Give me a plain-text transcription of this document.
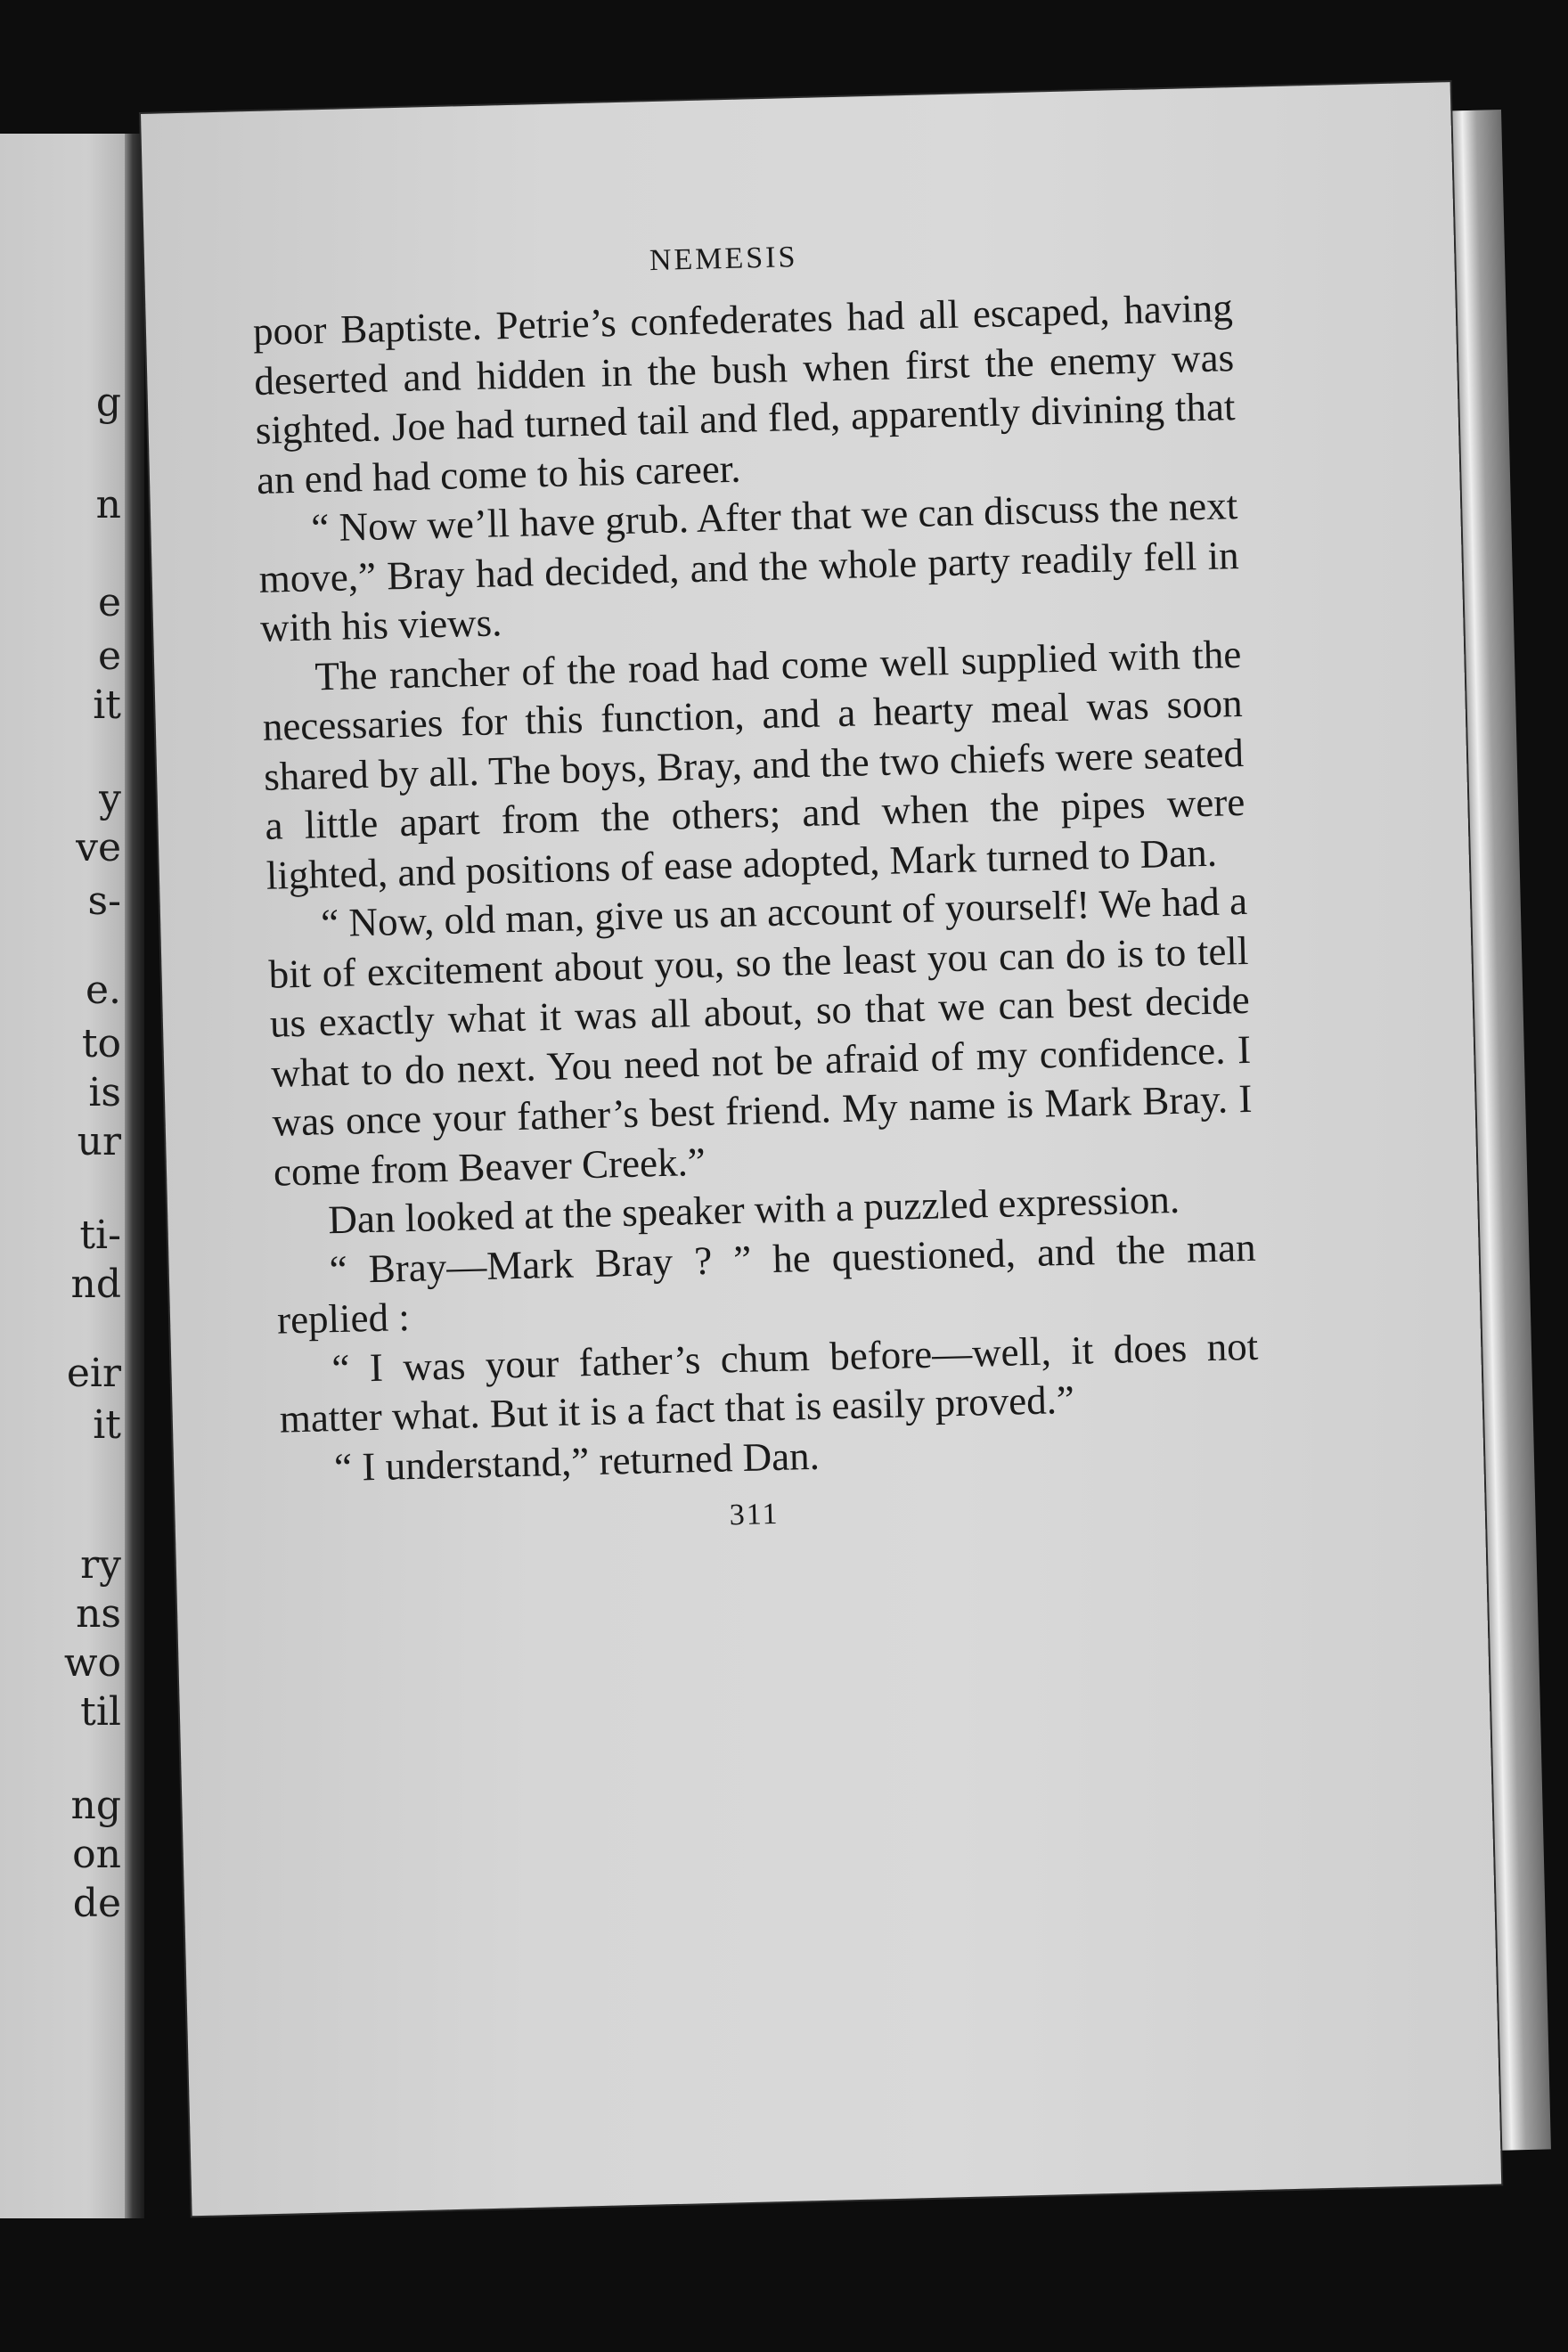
g
n
e
e
it
y
ve
s-
e.
to
is
ur
ti-
nd
eir
it
ry
ns
wo
til
ng
on
de
NEMESIS

poor Baptiste. Petrie’s confederates had all escaped, having deserted and hidden in the bush when first the enemy was sighted. Joe had turned tail and fled, apparently divining that an end had come to his career.

“ Now we’ll have grub. After that we can discuss the next move,” Bray had decided, and the whole party readily fell in with his views.

The rancher of the road had come well supplied with the necessaries for this function, and a hearty meal was soon shared by all. The boys, Bray, and the two chiefs were seated a little apart from the others; and when the pipes were lighted, and positions of ease adopted, Mark turned to Dan.

“ Now, old man, give us an account of yourself! We had a bit of excitement about you, so the least you can do is to tell us exactly what it was all about, so that we can best decide what to do next. You need not be afraid of my confidence. I was once your father’s best friend. My name is Mark Bray. I come from Beaver Creek.”

Dan looked at the speaker with a puzzled expression.

“ Bray—Mark Bray ? ” he questioned, and the man replied :

“ I was your father’s chum before—well, it does not matter what. But it is a fact that is easily proved.”

“ I understand,” returned Dan.

311
